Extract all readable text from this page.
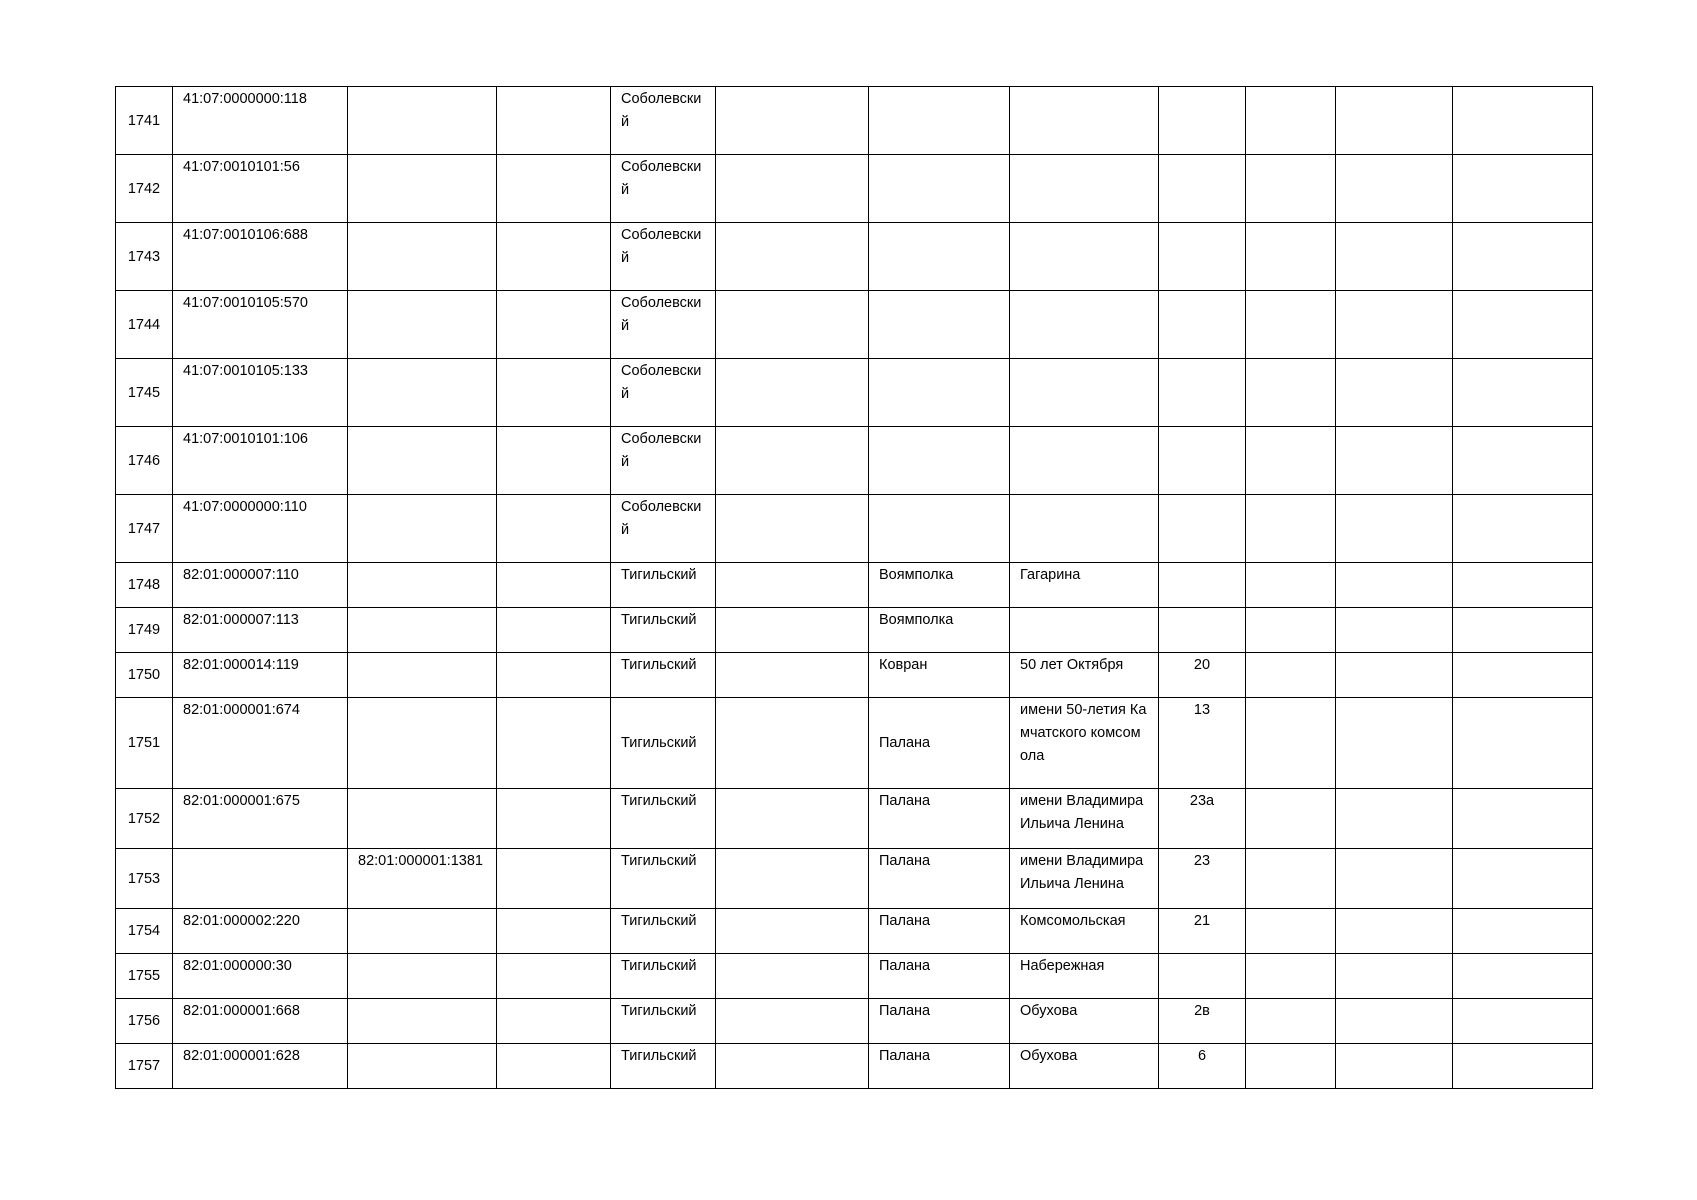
1741	41:07:0000000:118			Соболевский							

1742	41:07:0010101:56			Соболевский							

1743	41:07:0010106:688			Соболевский							

1744	41:07:0010105:570			Соболевский							

1745	41:07:0010105:133			Соболевский							

1746	41:07:0010101:106			Соболевский							

1747	41:07:0000000:110			Соболевский							

1748	82:01:000007:110			Тигильский		Воямполка	Гагарина				

1749	82:01:000007:113			Тигильский		Воямполка					

1750	82:01:000014:119			Тигильский		Ковран	50 лет Октября	20			

1751	82:01:000001:674			Тигильский		Палана	имени 50-летия Камчатского комсомола	13			

1752	82:01:000001:675			Тигильский		Палана	имени Владимира Ильича Ленина	23а			

1753		82:01:000001:1381		Тигильский		Палана	имени Владимира Ильича Ленина	23			

1754	82:01:000002:220			Тигильский		Палана	Комсомольская	21			

1755	82:01:000000:30			Тигильский		Палана	Набережная				

1756	82:01:000001:668			Тигильский		Палана	Обухова	2в			

1757	82:01:000001:628			Тигильский		Палана	Обухова	6			
